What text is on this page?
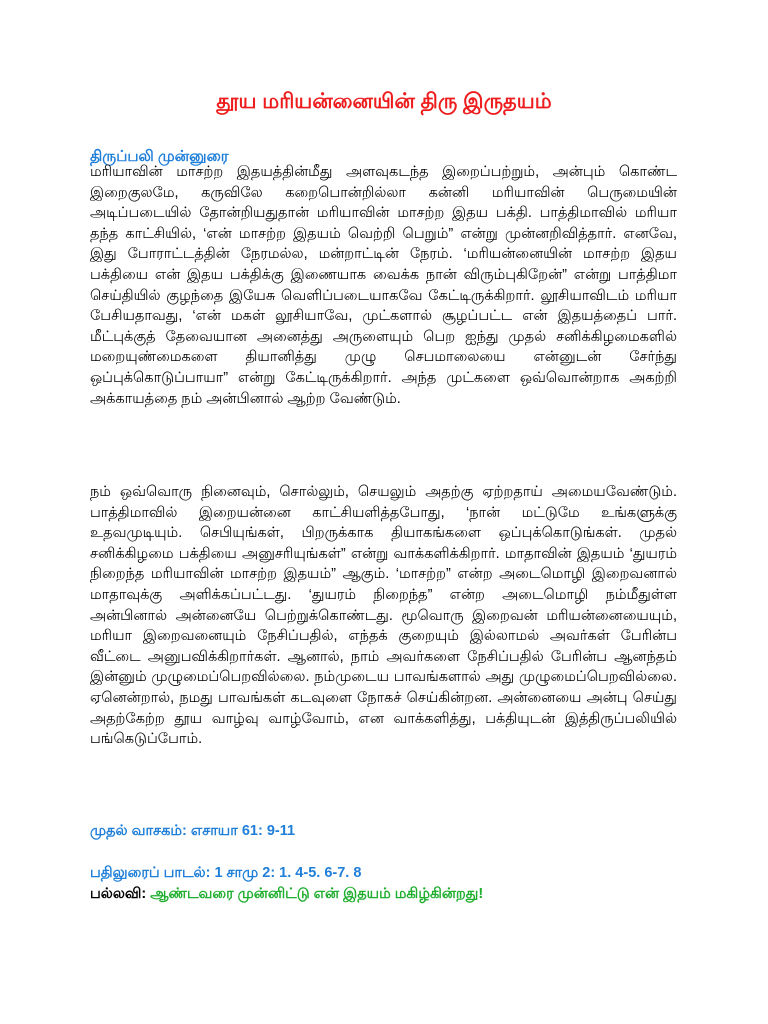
தூய மரியன்னையின் திரு இருதயம்
திருப்பலி முன்னுரை

மரியாவின் மாசற்ற இதயத்தின்மீது அளவுகடந்த இறைப்பற்றும், அன்பும் கொண்ட இறைகுலமே, கருவிலே கறைபொன்றில்லா கன்னி மரியாவின் பெருமையின் அடிப்படையில் தோன்றியதுதான் மரியாவின் மாசற்ற இதய பக்தி. பாத்திமாவில் மரியா தந்த காட்சியில், ‘என் மாசற்ற இதயம் வெற்றி பெறும்” என்று முன்னறிவித்தார். எனவே, இது போராட்டத்தின் நேரமல்ல, மன்றாட்டின் நேரம். ‘மரியன்னையின் மாசற்ற இதய பக்தியை என் இதய பக்திக்கு இணையாக வைக்க நான் விரும்புகிறேன்” என்று பாத்திமா செய்தியில் குழந்தை இயேசு வெளிப்படையாகவே கேட்டிருக்கிறார். லூசியாவிடம் மரியா பேசியதாவது, ‘என் மகள் லூசியாவே, முட்களால் சூழப்பட்ட என் இதயத்தைப் பார். மீட்புக்குத் தேவையான அனைத்து அருளையும் பெற ஐந்து முதல் சனிக்கிழமைகளில் மறையுண்மைகளை தியானித்து முழு செபமாலையை என்னுடன் சேர்ந்து ஒப்புக்கொடுப்பாயா” என்று கேட்டிருக்கிறார். அந்த முட்களை ஒவ்வொன்றாக அகற்றி அக்காயத்தை நம் அன்பினால் ஆற்ற வேண்டும்.

நம் ஒவ்வொரு நினைவும், சொல்லும், செயலும் அதற்கு ஏற்றதாய் அமையவேண்டும். பாத்திமாவில் இறையன்னை காட்சியளித்தபோது, ‘நான் மட்டுமே உங்களுக்கு உதவமுடியும். செபியுங்கள், பிறருக்காக தியாகங்களை ஒப்புக்கொடுங்கள். முதல் சனிக்கிழமை பக்தியை அனுசரியுங்கள்” என்று வாக்களிக்கிறார். மாதாவின் இதயம் ‘துயரம் நிறைந்த மரியாவின் மாசற்ற இதயம்” ஆகும். ‘மாசற்ற” என்ற அடைமொழி இறைவனால் மாதாவுக்கு அளிக்கப்பட்டது. ‘துயரம் நிறைந்த” என்ற அடைமொழி நம்மீதுள்ள அன்பினால் அன்னையே பெற்றுக்கொண்டது. மூவொரு இறைவன் மரியன்னையையும், மரியா இறைவனையும் நேசிப்பதில், எந்தக் குறையும் இல்லாமல் அவர்கள் பேரின்ப வீட்டை அனுபவிக்கிறார்கள். ஆனால், நாம் அவர்களை நேசிப்பதில் பேரின்ப ஆனந்தம் இன்னும் முழுமைப்பெறவில்லை. நம்முடைய பாவங்களால் அது முழுமைப்பெறவில்லை. ஏனென்றால், நமது பாவங்கள் கடவுளை நோகச் செய்கின்றன. அன்னையை அன்பு செய்து அதற்கேற்ற தூய வாழ்வு வாழ்வோம், என வாக்களித்து, பக்தியுடன் இத்திருப்பலியில் பங்கெடுப்போம்.

முதல் வாசகம்: எசாயா 61: 9-11
பதிலுரைப் பாடல்: 1 சாமு 2: 1. 4-5. 6-7. 8
பல்லவி: ஆண்டவரை முன்னிட்டு என் இதயம் மகிழ்கின்றது!
